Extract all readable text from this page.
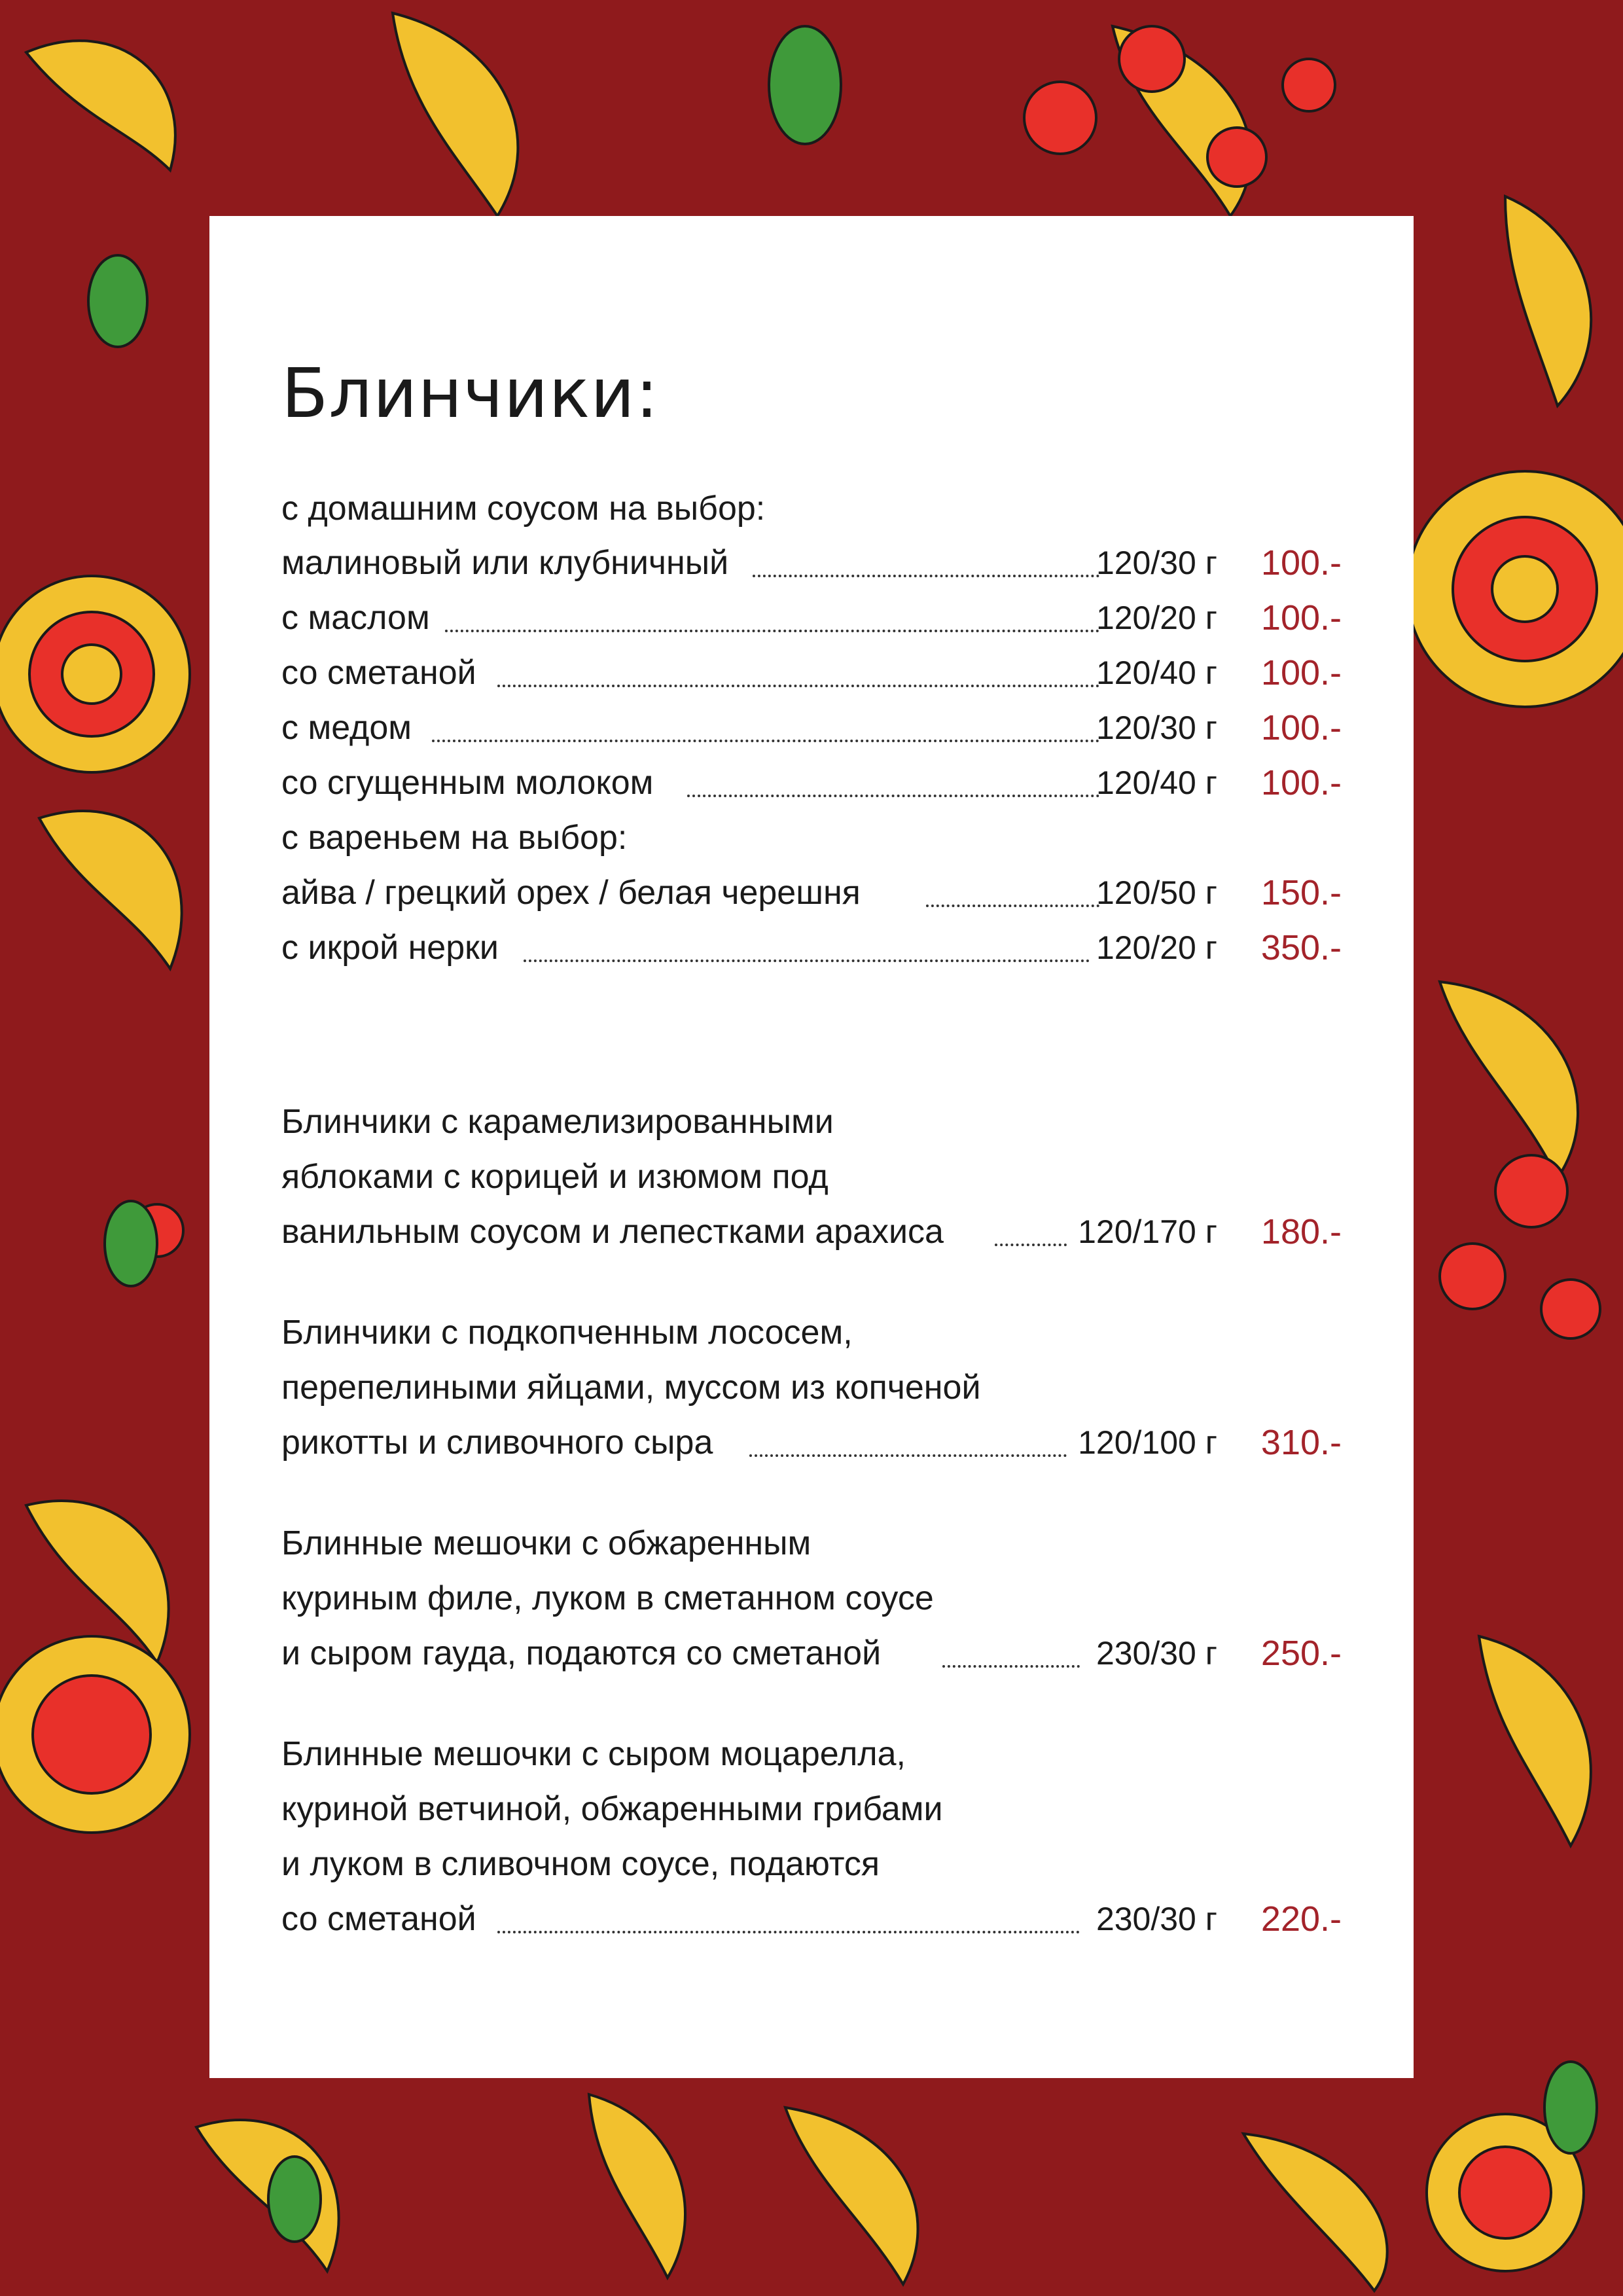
Блинчики:
с домашним соусом на выбор:
малиновый или клубничный	120/30 г 100.-
с маслом	120/20 г 100.-
со сметаной	120/40 г 100.-
с медом	120/30 г 100.-
со сгущенным молоком	120/40 г 100.-
с вареньем на выбор:
айва / грецкий орех / белая черешня	120/50 г 150.-
с икрой нерки	120/20 г 350.-
Блинчики с карамелизированными
яблоками с корицей и изюмом под
ванильным соусом и лепестками арахиса	120/170 г 180.-
Блинчики с подкопченным лососем,
перепелиными яйцами, муссом из копченой
рикотты и сливочного сыра	120/100 г 310.-
Блинные мешочки с обжаренным
куриным филе, луком в сметанном соусе
и сыром гауда, подаются со сметаной	230/30 г 250.-
Блинные мешочки с сыром моцарелла,
куриной ветчиной, обжаренными грибами
и луком в сливочном соусе, подаются
со сметаной	230/30 г 220.-
